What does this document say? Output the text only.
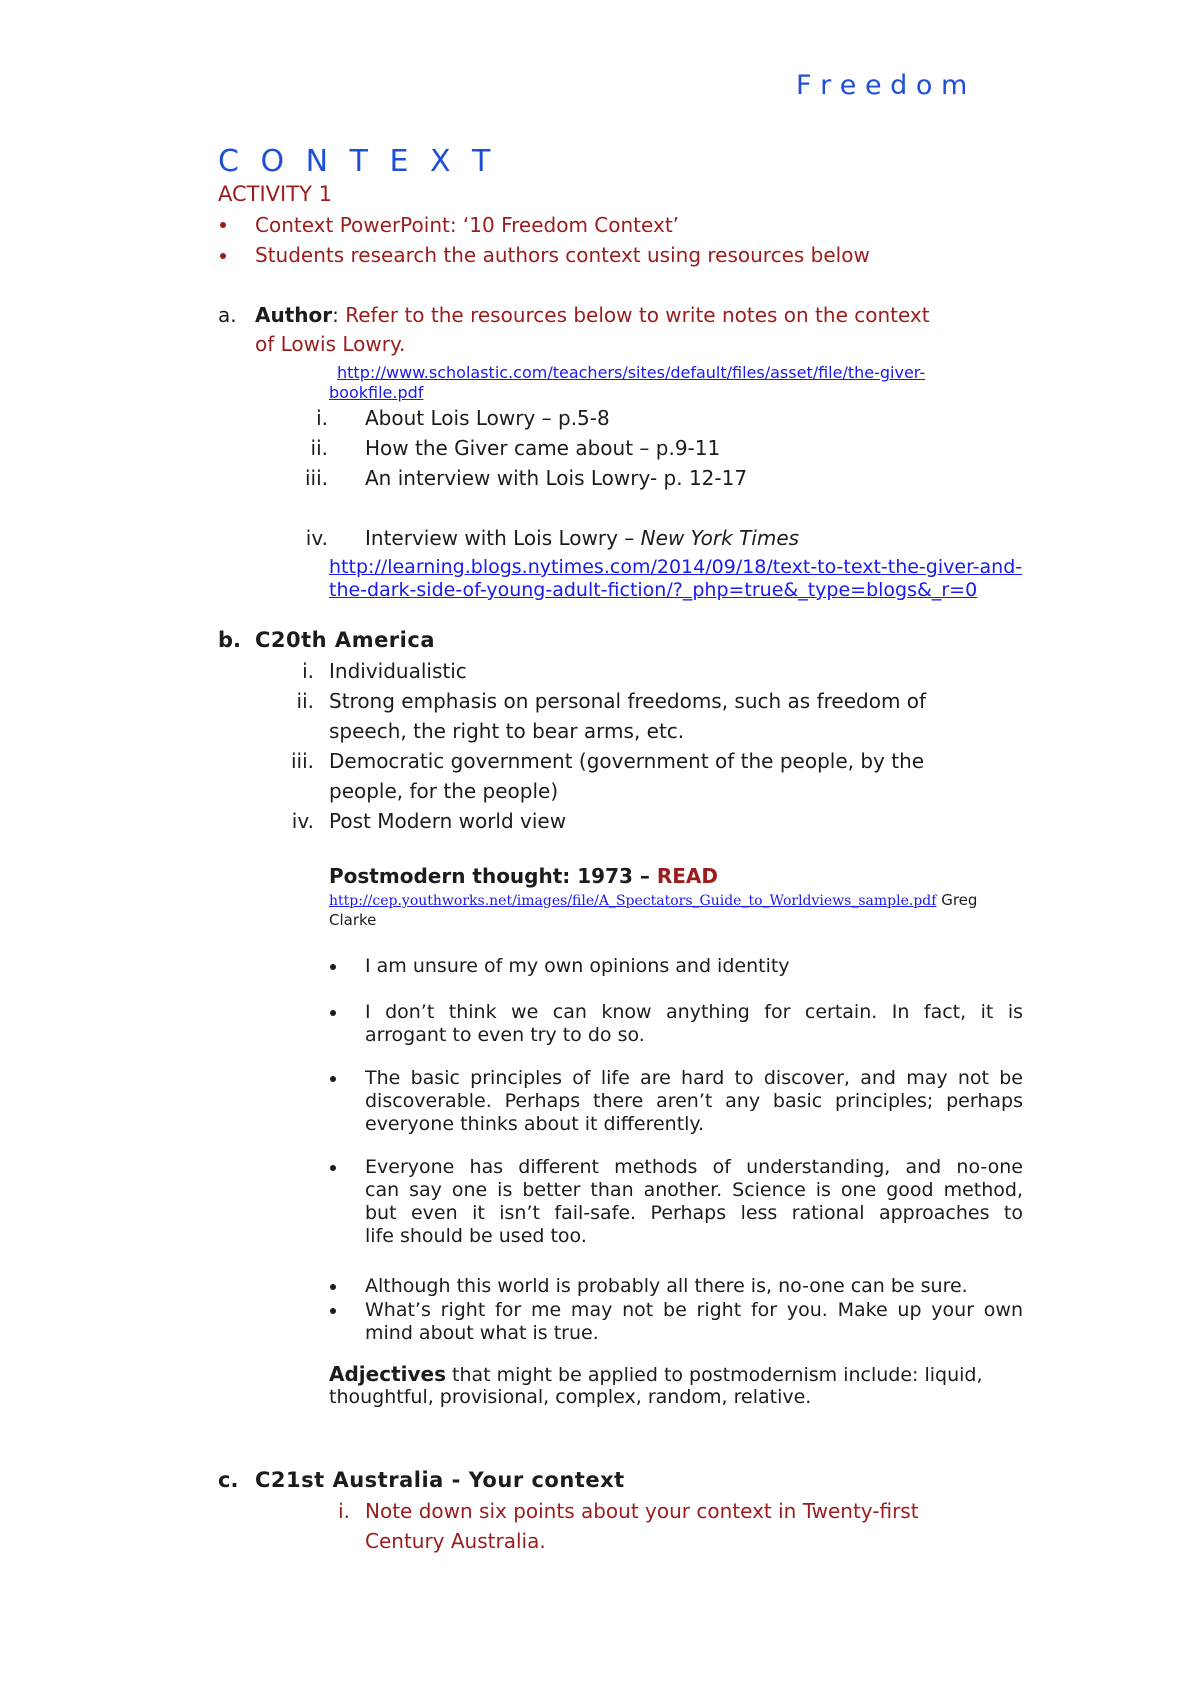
F r e e d o m
C O N T E X T
ACTIVITY 1
Context PowerPoint: ‘10 Freedom Context’
Students research the authors context using resources below
a. Author: Refer to the resources below to write notes on the context
of Lowis Lowry.
http://www.scholastic.com/teachers/sites/default/files/asset/file/the-giver-
bookfile.pdf
i. About Lois Lowry – p.5-8
ii. How the Giver came about – p.9-11
iii. An interview with Lois Lowry- p. 12-17
iv. Interview with Lois Lowry – New York Times
http://learning.blogs.nytimes.com/2014/09/18/text-to-text-the-giver-and-
the-dark-side-of-young-adult-fiction/?_php=true&_type=blogs&_r=0
b. C20th America
i. Individualistic
ii. Strong emphasis on personal freedoms, such as freedom of
speech, the right to bear arms, etc.
iii. Democratic government (government of the people, by the
people, for the people)
iv. Post Modern world view
Postmodern thought: 1973 – READ
http://cep.youthworks.net/images/file/A_Spectators_Guide_to_Worldviews_sample.pdf Greg
Clarke
I am unsure of my own opinions and identity
I don’t think we can know anything for certain. In fact, it is
arrogant to even try to do so.
The basic principles of life are hard to discover, and may not be
discoverable. Perhaps there aren’t any basic principles; perhaps
everyone thinks about it differently.
Everyone has different methods of understanding, and no-one
can say one is better than another. Science is one good method,
but even it isn’t fail-safe. Perhaps less rational approaches to
life should be used too.
Although this world is probably all there is, no-one can be sure.
What’s right for me may not be right for you. Make up your own
mind about what is true.
Adjectives that might be applied to postmodernism include: liquid,
thoughtful, provisional, complex, random, relative.
c. C21st Australia - Your context
i. Note down six points about your context in Twenty-first
Century Australia.
